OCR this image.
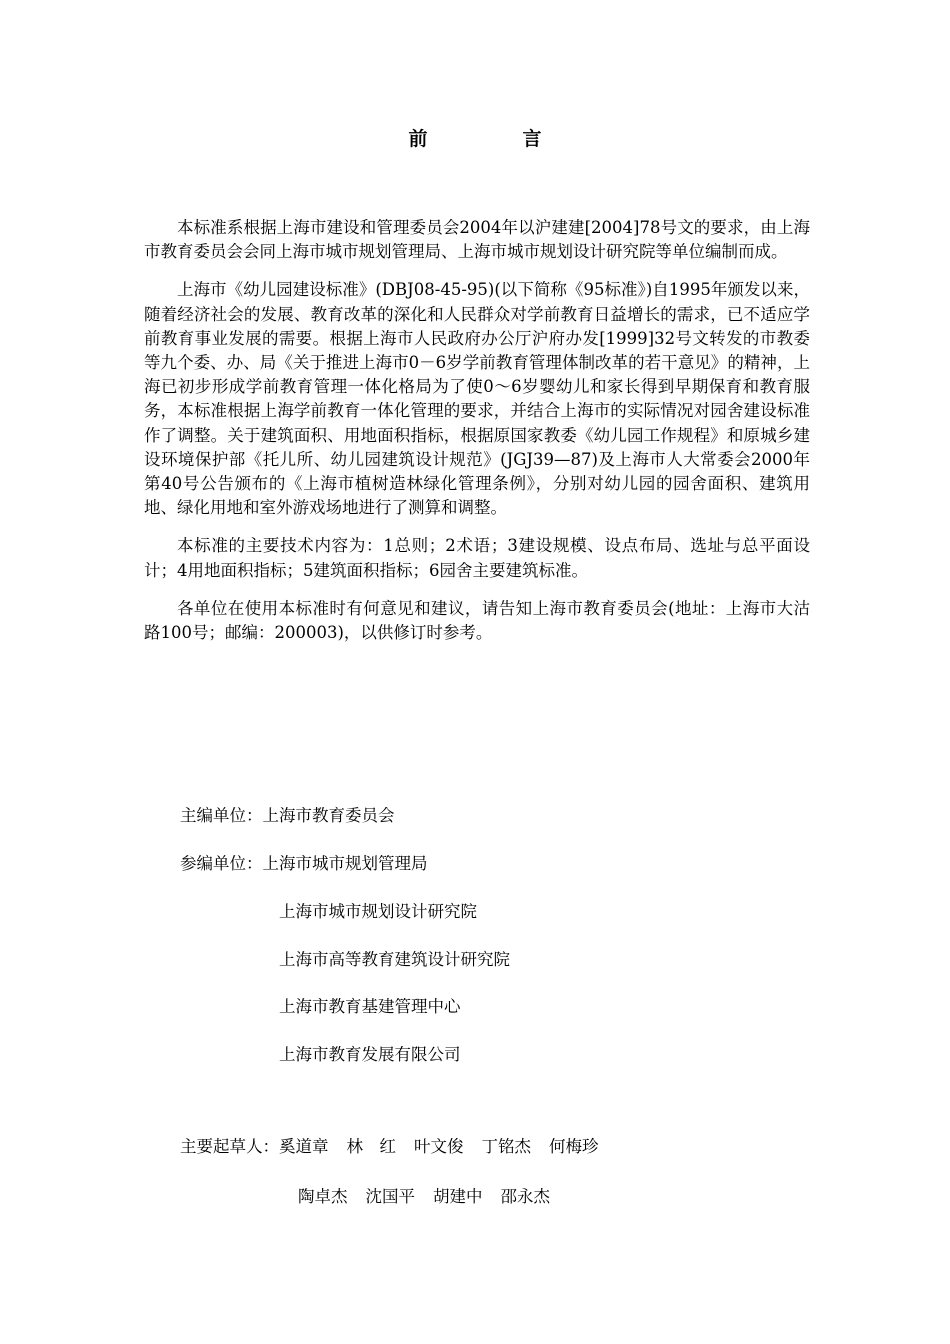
前　言

本标准系根据上海市建设和管理委员会2004年以沪建建[2004]78号文的要求，由上海市教育委员会会同上海市城市规划管理局、上海市城市规划设计研究院等单位编制而成。

上海市《幼儿园建设标准》(DBJ08-45-95)(以下简称《95标准》)自1995年颁发以来，随着经济社会的发展、教育改革的深化和人民群众对学前教育日益增长的需求，已不适应学前教育事业发展的需要。根据上海市人民政府办公厅沪府办发[1999]32号文转发的市教委等九个委、办、局《关于推进上海市0－6岁学前教育管理体制改革的若干意见》的精神，上海已初步形成学前教育管理一体化格局为了使0～6岁婴幼儿和家长得到早期保育和教育服务，本标准根据上海学前教育一体化管理的要求，并结合上海市的实际情况对园舍建设标准作了调整。关于建筑面积、用地面积指标，根据原国家教委《幼儿园工作规程》和原城乡建设环境保护部《托儿所、幼儿园建筑设计规范》(JGJ39—87)及上海市人大常委会2000年第40号公告颁布的《上海市植树造林绿化管理条例》，分别对幼儿园的园舍面积、建筑用地、绿化用地和室外游戏场地进行了测算和调整。

本标准的主要技术内容为：1总则；2术语；3建设规模、设点布局、选址与总平面设计；4用地面积指标；5建筑面积指标；6园舍主要建筑标准。

各单位在使用本标准时有何意见和建议，请告知上海市教育委员会(地址：上海市大沽路100号；邮编：200003)，以供修订时参考。

主编单位：上海市教育委员会
参编单位：上海市城市规划管理局
上海市城市规划设计研究院
上海市高等教育建筑设计研究院
上海市教育基建管理中心
上海市教育发展有限公司
主要起草人：奚道章 林　红 叶文俊 丁铭杰 何梅珍
陶卓杰 沈国平 胡建中 邵永杰
